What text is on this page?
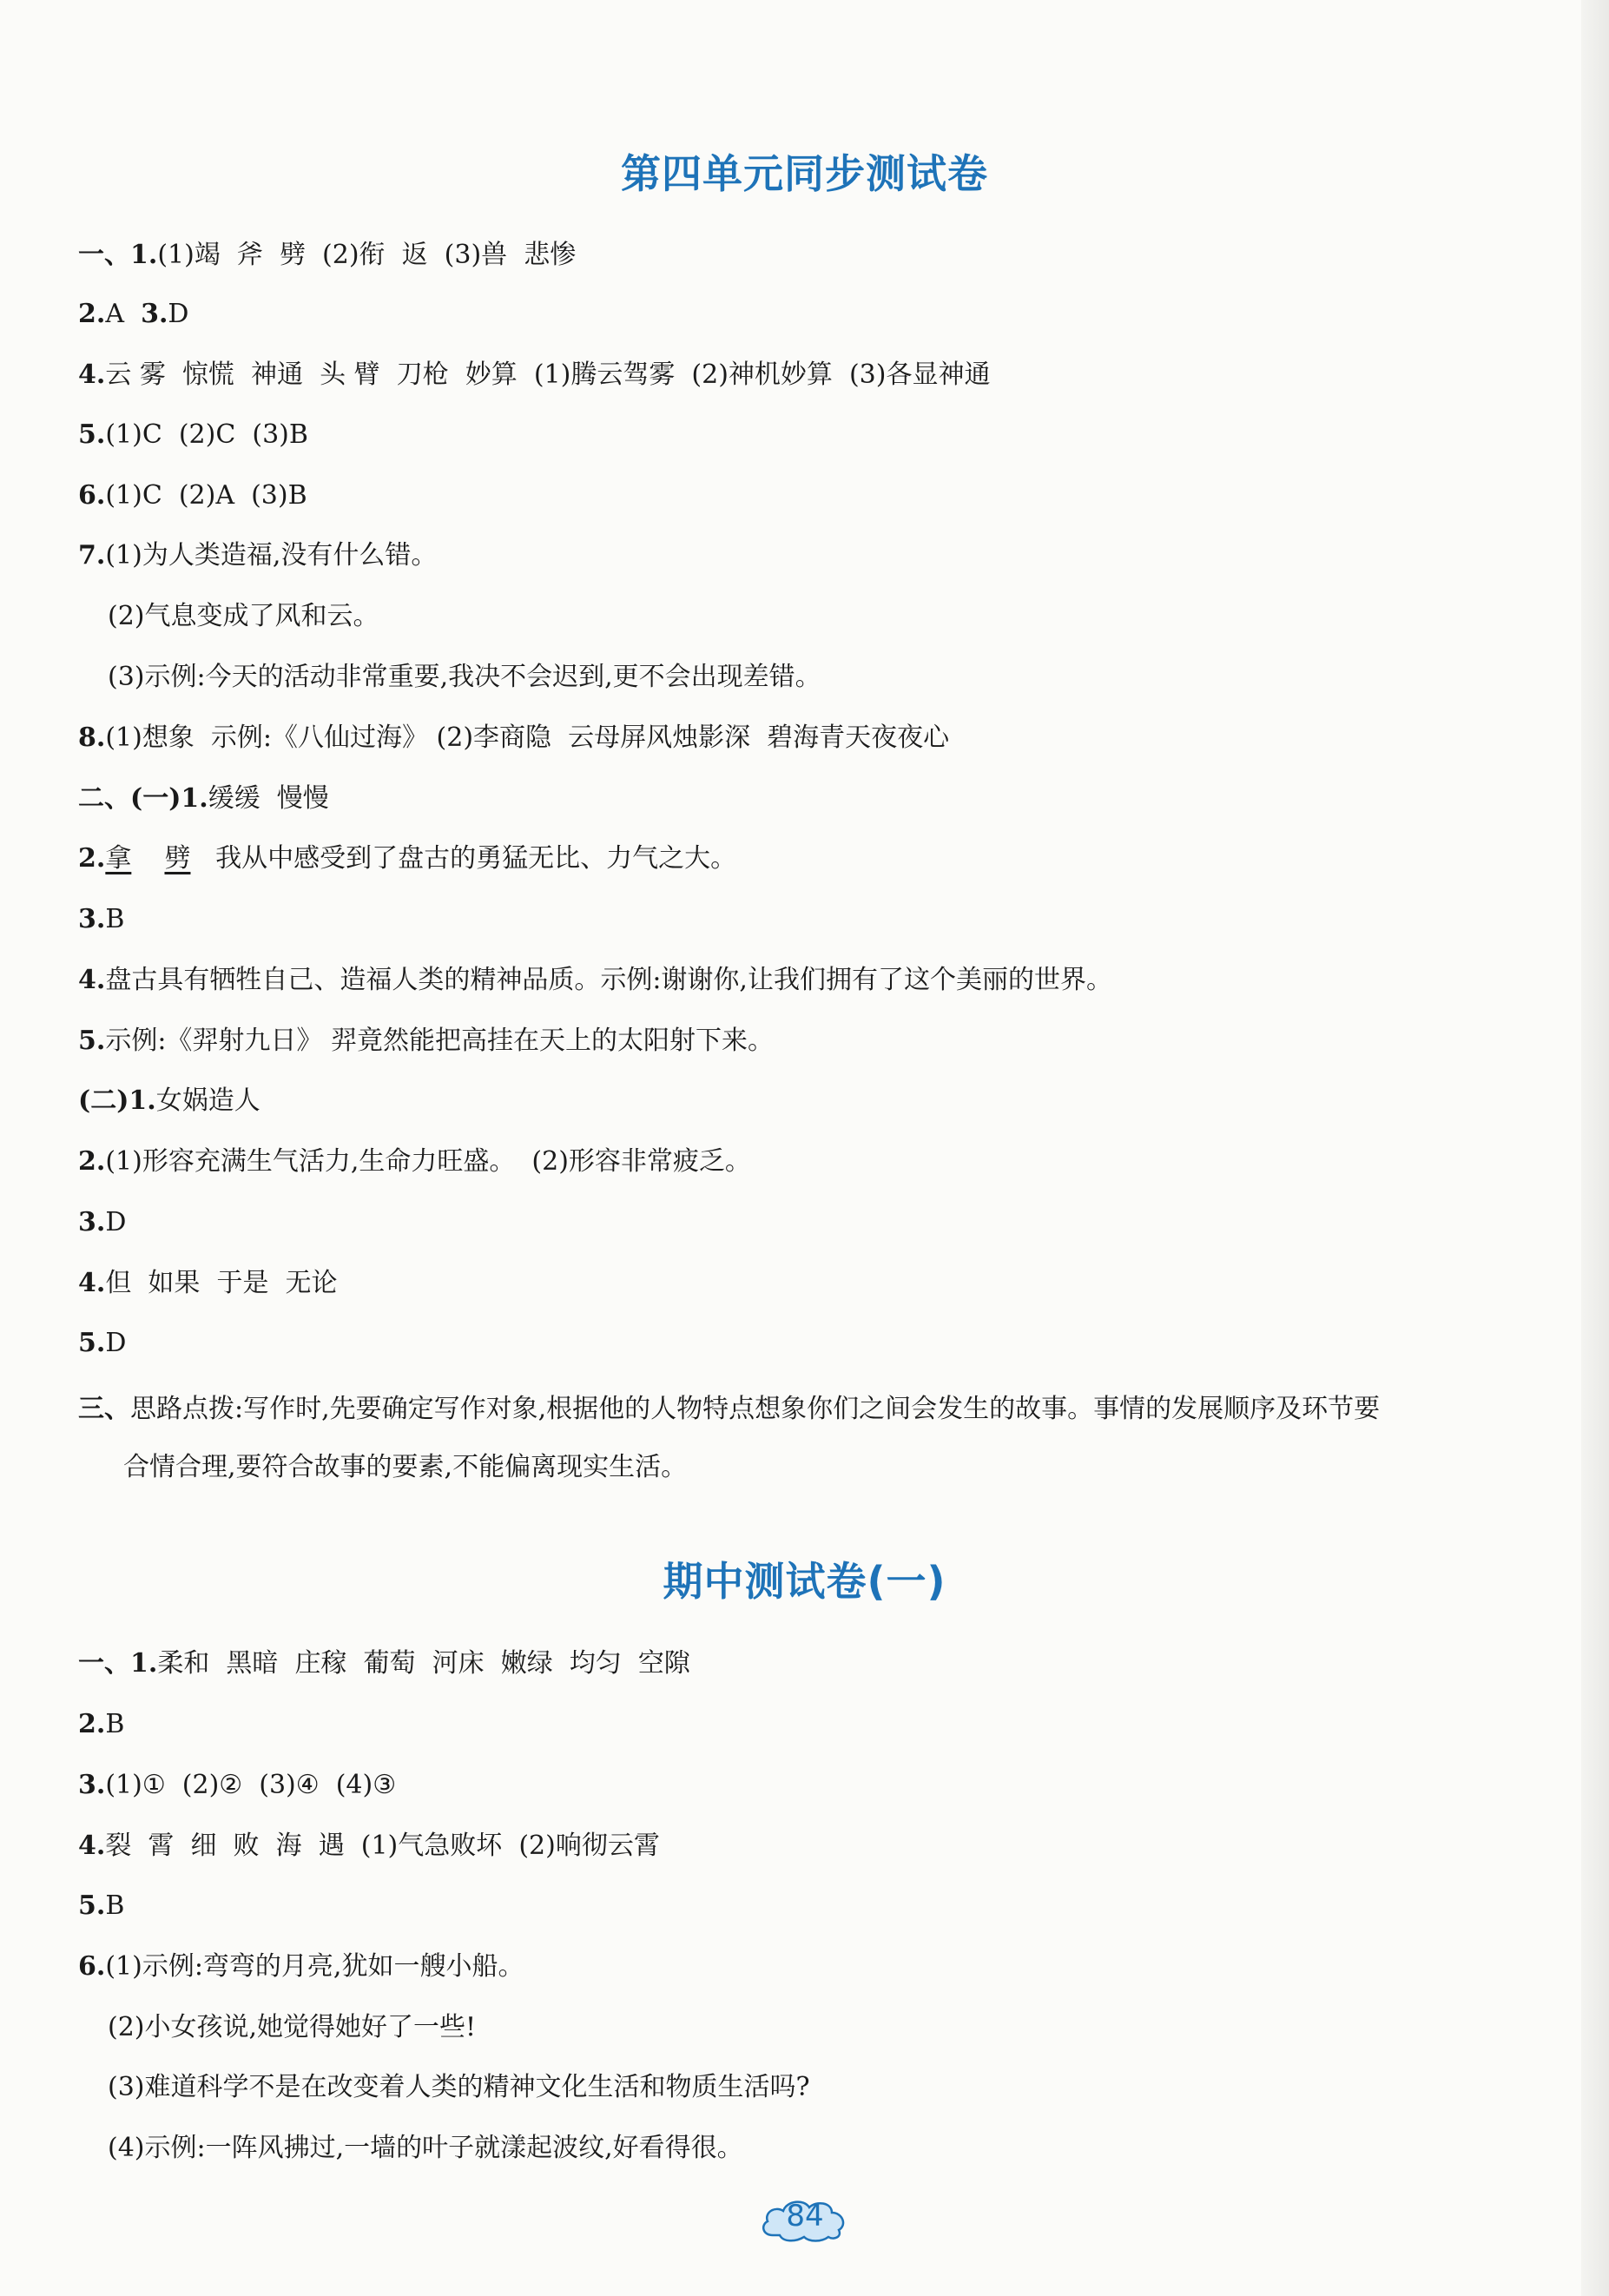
第四单元同步测试卷
一、1.(1)竭  斧  劈  (2)衔  返  (3)兽  悲惨
2.A  3.D
4.云 雾  惊慌  神通  头 臂  刀枪  妙算  (1)腾云驾雾  (2)神机妙算  (3)各显神通
5.(1)C  (2)C  (3)B
6.(1)C  (2)A  (3)B
7.(1)为人类造福,没有什么错。
(2)气息变成了风和云。
(3)示例:今天的活动非常重要,我决不会迟到,更不会出现差错。
8.(1)想象  示例:《八仙过海》 (2)李商隐  云母屏风烛影深  碧海青天夜夜心
二、(一)1.缓缓  慢慢
2.拿 劈 我从中感受到了盘古的勇猛无比、力气之大。
3.B
4.盘古具有牺牲自己、造福人类的精神品质。示例:谢谢你,让我们拥有了这个美丽的世界。
5.示例:《羿射九日》 羿竟然能把高挂在天上的太阳射下来。
(二)1.女娲造人
2.(1)形容充满生气活力,生命力旺盛。  (2)形容非常疲乏。
3.D
4.但  如果  于是  无论
5.D
三、思路点拨:写作时,先要确定写作对象,根据他的人物特点想象你们之间会发生的故事。事情的发展顺序及环节要
合情合理,要符合故事的要素,不能偏离现实生活。
期中测试卷(一)
一、1.柔和  黑暗  庄稼  葡萄  河床  嫩绿  均匀  空隙
2.B
3.(1)①  (2)②  (3)④  (4)③
4.裂  霄  细  败  海  遇  (1)气急败坏  (2)响彻云霄
5.B
6.(1)示例:弯弯的月亮,犹如一艘小船。
(2)小女孩说,她觉得她好了一些!
(3)难道科学不是在改变着人类的精神文化生活和物质生活吗?
(4)示例:一阵风拂过,一墙的叶子就漾起波纹,好看得很。
84
